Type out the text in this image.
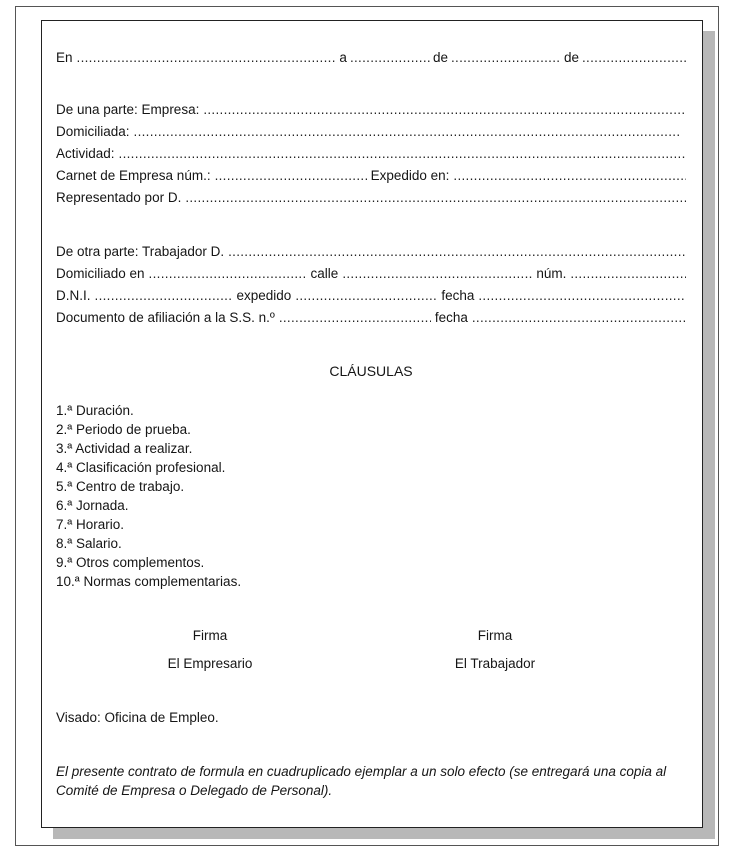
En .....	a .....	de .....	de
.....
De una parte: Empresa:
.....
Domiciliada:
.....
Actividad:
.....
Carnet de Empresa núm.: .....	Expedido en:
.....
Representado por D.
.....
De otra parte: Trabajador D.
.....
Domiciliado en .....	calle .....	núm.
.....
D.N.I. .....	expedido .....	fecha
.....
Documento de afiliación a la S.S. n.º .....	fecha
.....
CLÁUSULAS
1.ª Duración.
2.ª Periodo de prueba.
3.ª Actividad a realizar.
4.ª Clasificación profesional.
5.ª Centro de trabajo.
6.ª Jornada.
7.ª Horario.
8.ª Salario.
9.ª Otros complementos.
10.ª Normas complementarias.
Firma
El Empresario
Firma
El Trabajador
Visado: Oficina de Empleo.
El presente contrato de formula en cuadruplicado ejemplar a un solo efecto (se entregará una copia al Comité de Empresa o Delegado de Personal).
